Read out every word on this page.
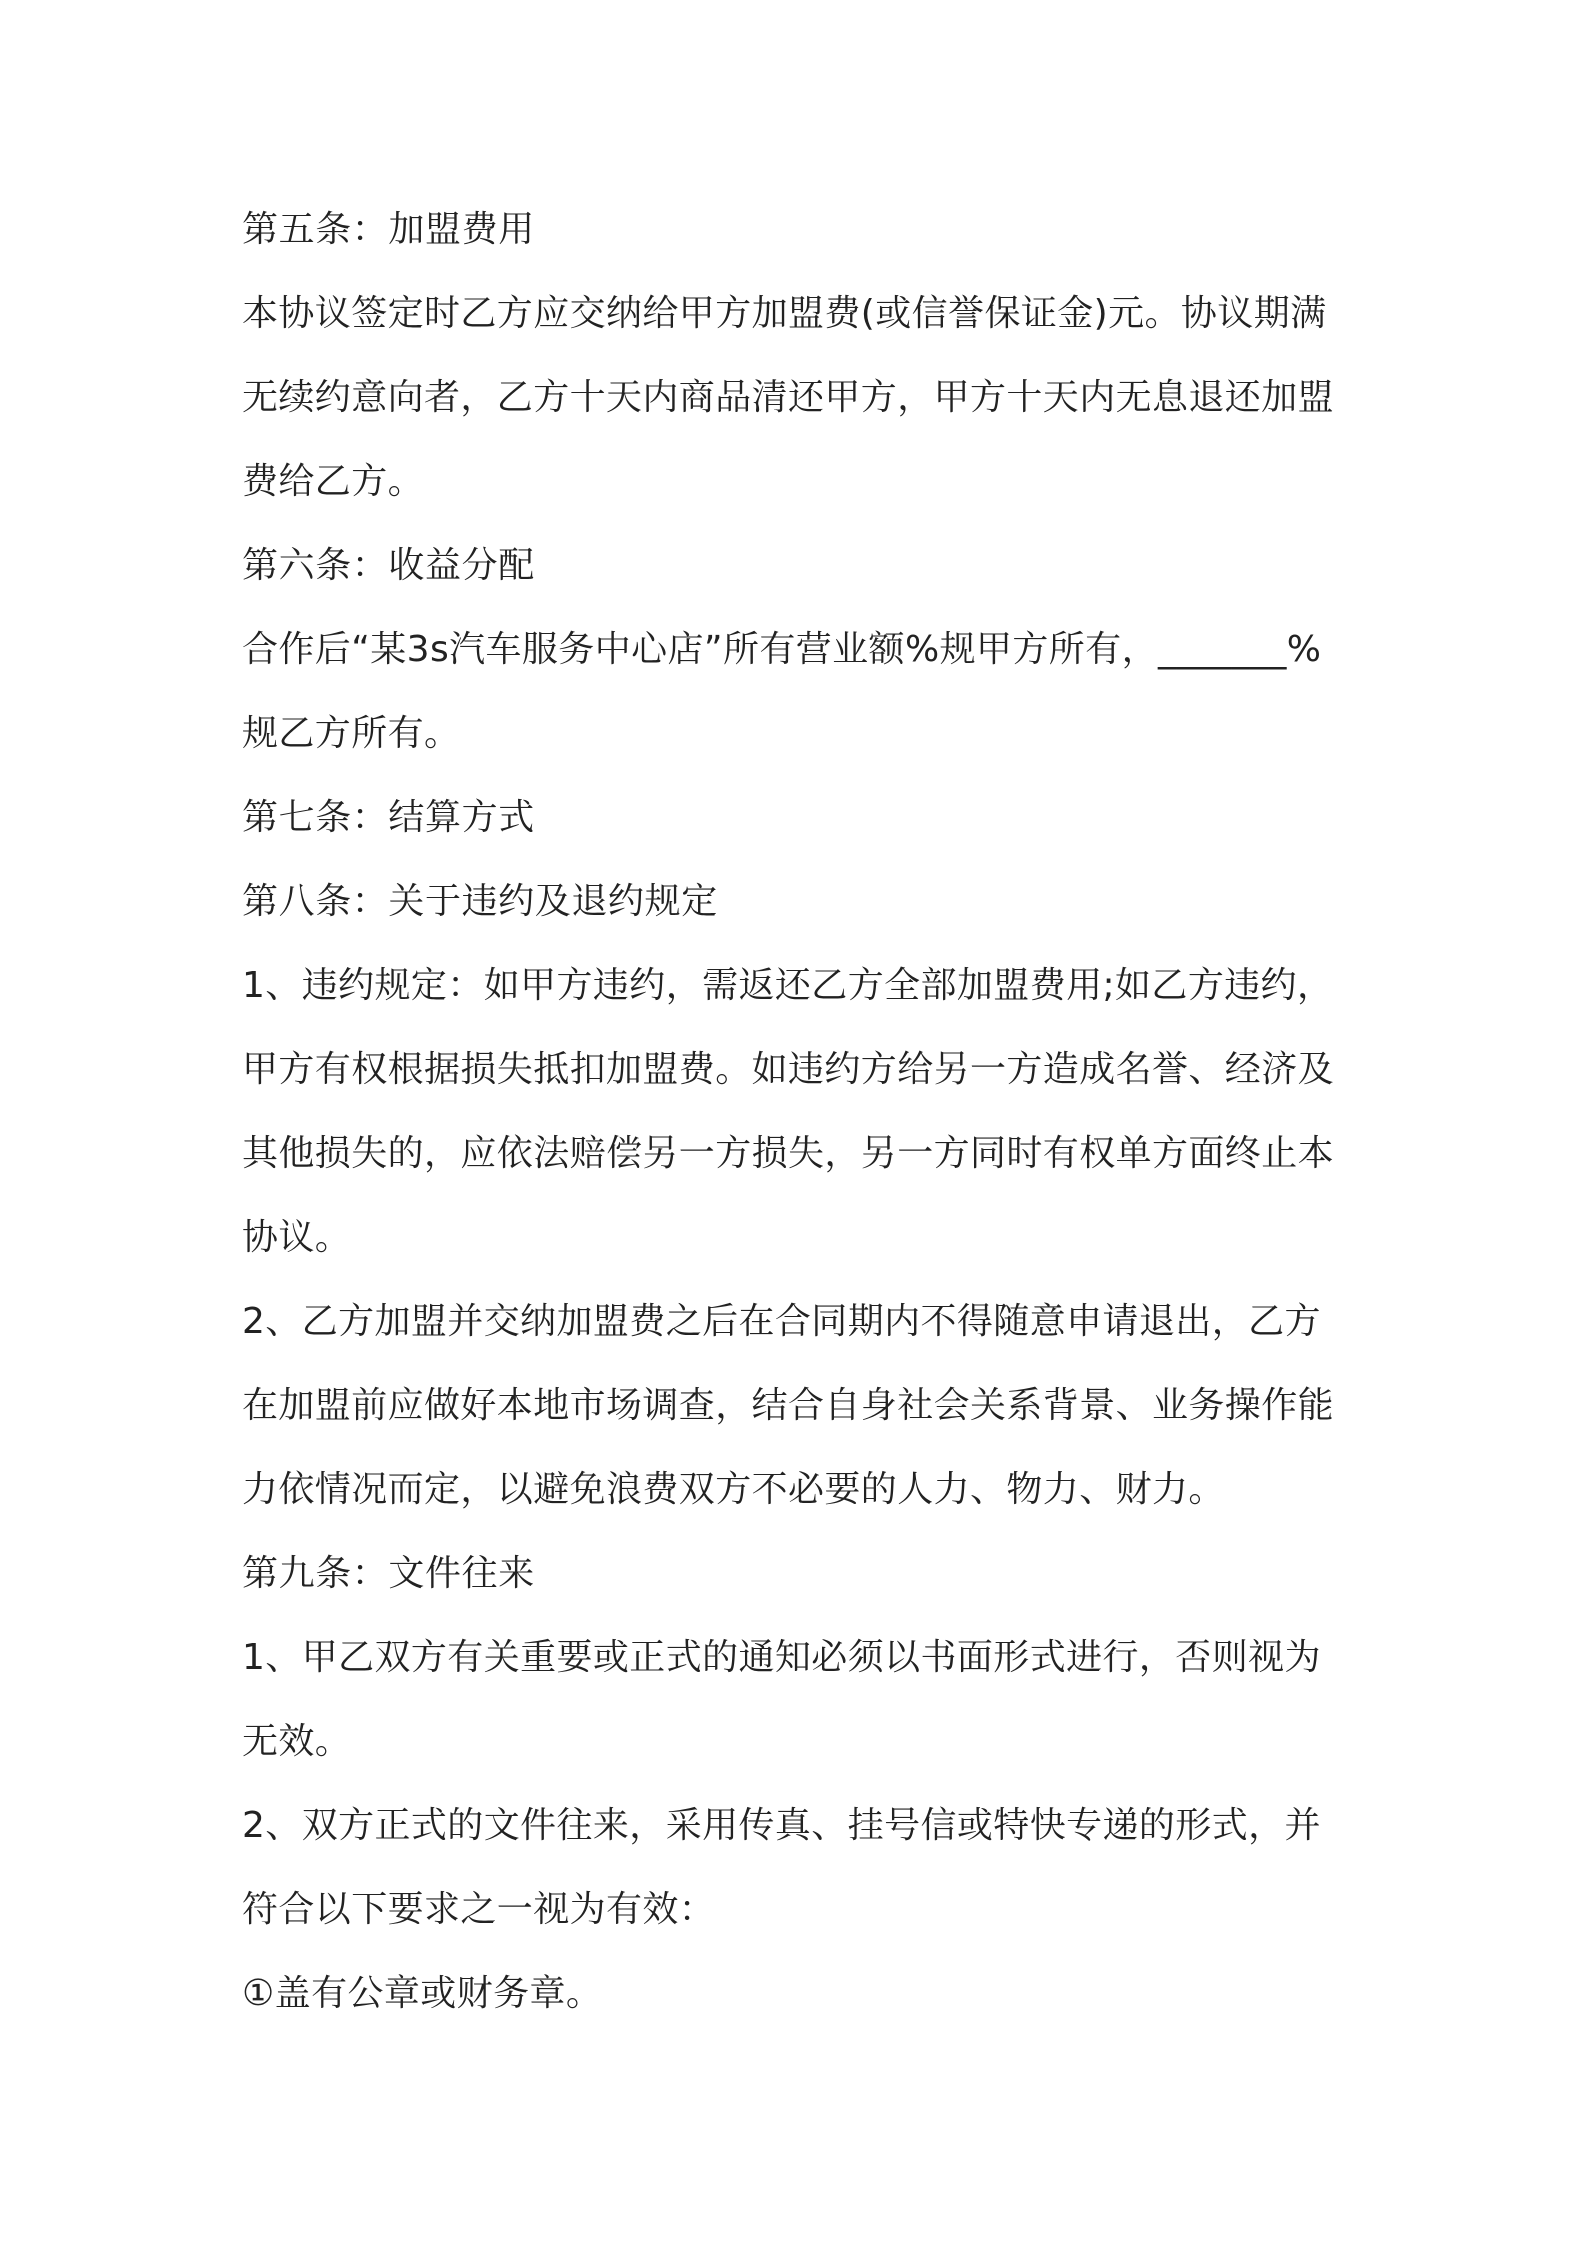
第五条：加盟费用
本协议签定时乙方应交纳给甲方加盟费(或信誉保证金)元。协议期满
无续约意向者，乙方十天内商品清还甲方，甲方十天内无息退还加盟
费给乙方。
第六条：收益分配
合作后“某3s汽车服务中心店”所有营业额%规甲方所有，_______%
规乙方所有。
第七条：结算方式
第八条：关于违约及退约规定
1、违约规定：如甲方违约，需返还乙方全部加盟费用;如乙方违约，
甲方有权根据损失抵扣加盟费。如违约方给另一方造成名誉、经济及
其他损失的，应依法赔偿另一方损失，另一方同时有权单方面终止本
协议。
2、乙方加盟并交纳加盟费之后在合同期内不得随意申请退出，乙方
在加盟前应做好本地市场调查，结合自身社会关系背景、业务操作能
力依情况而定，以避免浪费双方不必要的人力、物力、财力。
第九条：文件往来
1、甲乙双方有关重要或正式的通知必须以书面形式进行，否则视为
无效。
2、双方正式的文件往来，采用传真、挂号信或特快专递的形式，并
符合以下要求之一视为有效：
①盖有公章或财务章。
